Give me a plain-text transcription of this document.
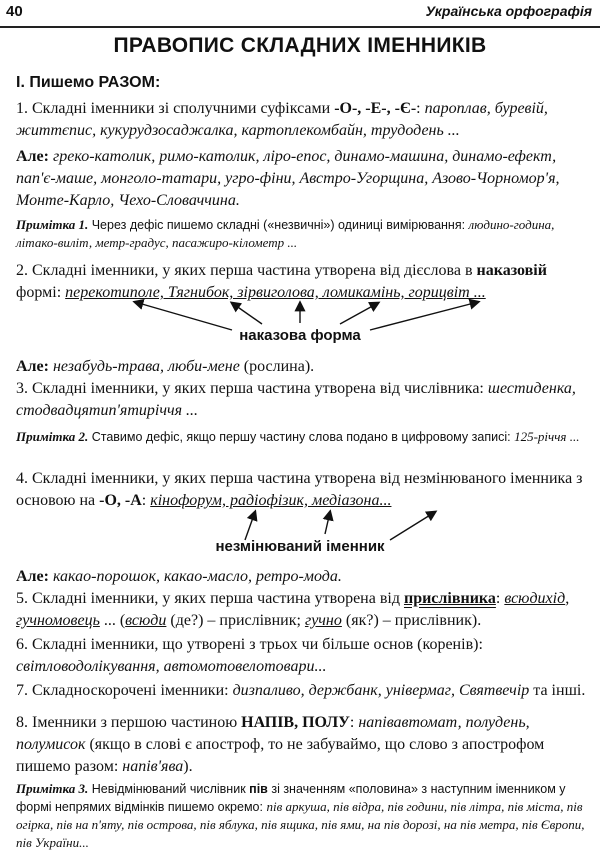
40	Українська орфографія
ПРАВОПИС СКЛАДНИХ ІМЕННИКІВ
І. Пишемо РАЗОМ:
1. Складні іменники зі сполучними суфіксами -О-, -Е-, -Є-: пароплав, буревій, життєпис, кукурудзосаджалка, картоплекомбайн, трудодень ...
Але: греко-католик, римо-католик, ліро-епос, динамо-машина, динамо-ефект, пап'є-маше, монголо-татари, угро-фіни, Австро-Угорщина, Азово-Чорномор'я, Монте-Карло, Чехо-Словаччина.
Примітка 1. Через дефіс пишемо складні («незвичні») одиниці вимірювання: людино-година, літако-виліт, метр-градус, пасажиро-кілометр ...
2. Складні іменники, у яких перша частина утворена від дієслова в наказовій формі: перекотиполе, Тягнибок, зірвиголова, ломикамінь, горицвіт ...
наказова форма
Але: незабудь-трава, люби-мене (рослина).
3. Складні іменники, у яких перша частина утворена від числівника: шестиденка, стодвадцятип'ятиріччя ...
Примітка 2. Ставимо дефіс, якщо першу частину слова подано в цифровому записі: 125-річчя ...
4. Складні іменники, у яких перша частина утворена від незмінюваного іменника з основою на -О, -А: кінофорум, радіофізик, медіазона...
незмінюваний іменник
Але: какао-порошок, какао-масло, ретро-мода.
5. Складні іменники, у яких перша частина утворена від прислівника: всюдихід, гучномовець ... (всюди (де?) – прислівник; гучно (як?) – прислівник).
6. Складні іменники, що утворені з трьох чи більше основ (коренів): світловодолікування, автомотовелотовари...
7. Складноскорочені іменники: дизпаливо, держбанк, універмаг, Святвечір та інші.
8. Іменники з першою частиною НАПІВ, ПОЛУ: напівавтомат, полудень, полумисок (якщо в слові є апостроф, то не забуваймо, що слово з апострофом пишемо разом: напів'ява).
Примітка 3. Невідмінюваний числівник пів зі значенням «половина» з наступним іменником у формі непрямих відмінків пишемо окремо: пів аркуша, пів відра, пів години, пів літра, пів міста, пів огірка, пів на п'яту, пів острова, пів яблука, пів ящика, пів ями, на пів дорозі, на пів метра, пів Європи, пів України...
